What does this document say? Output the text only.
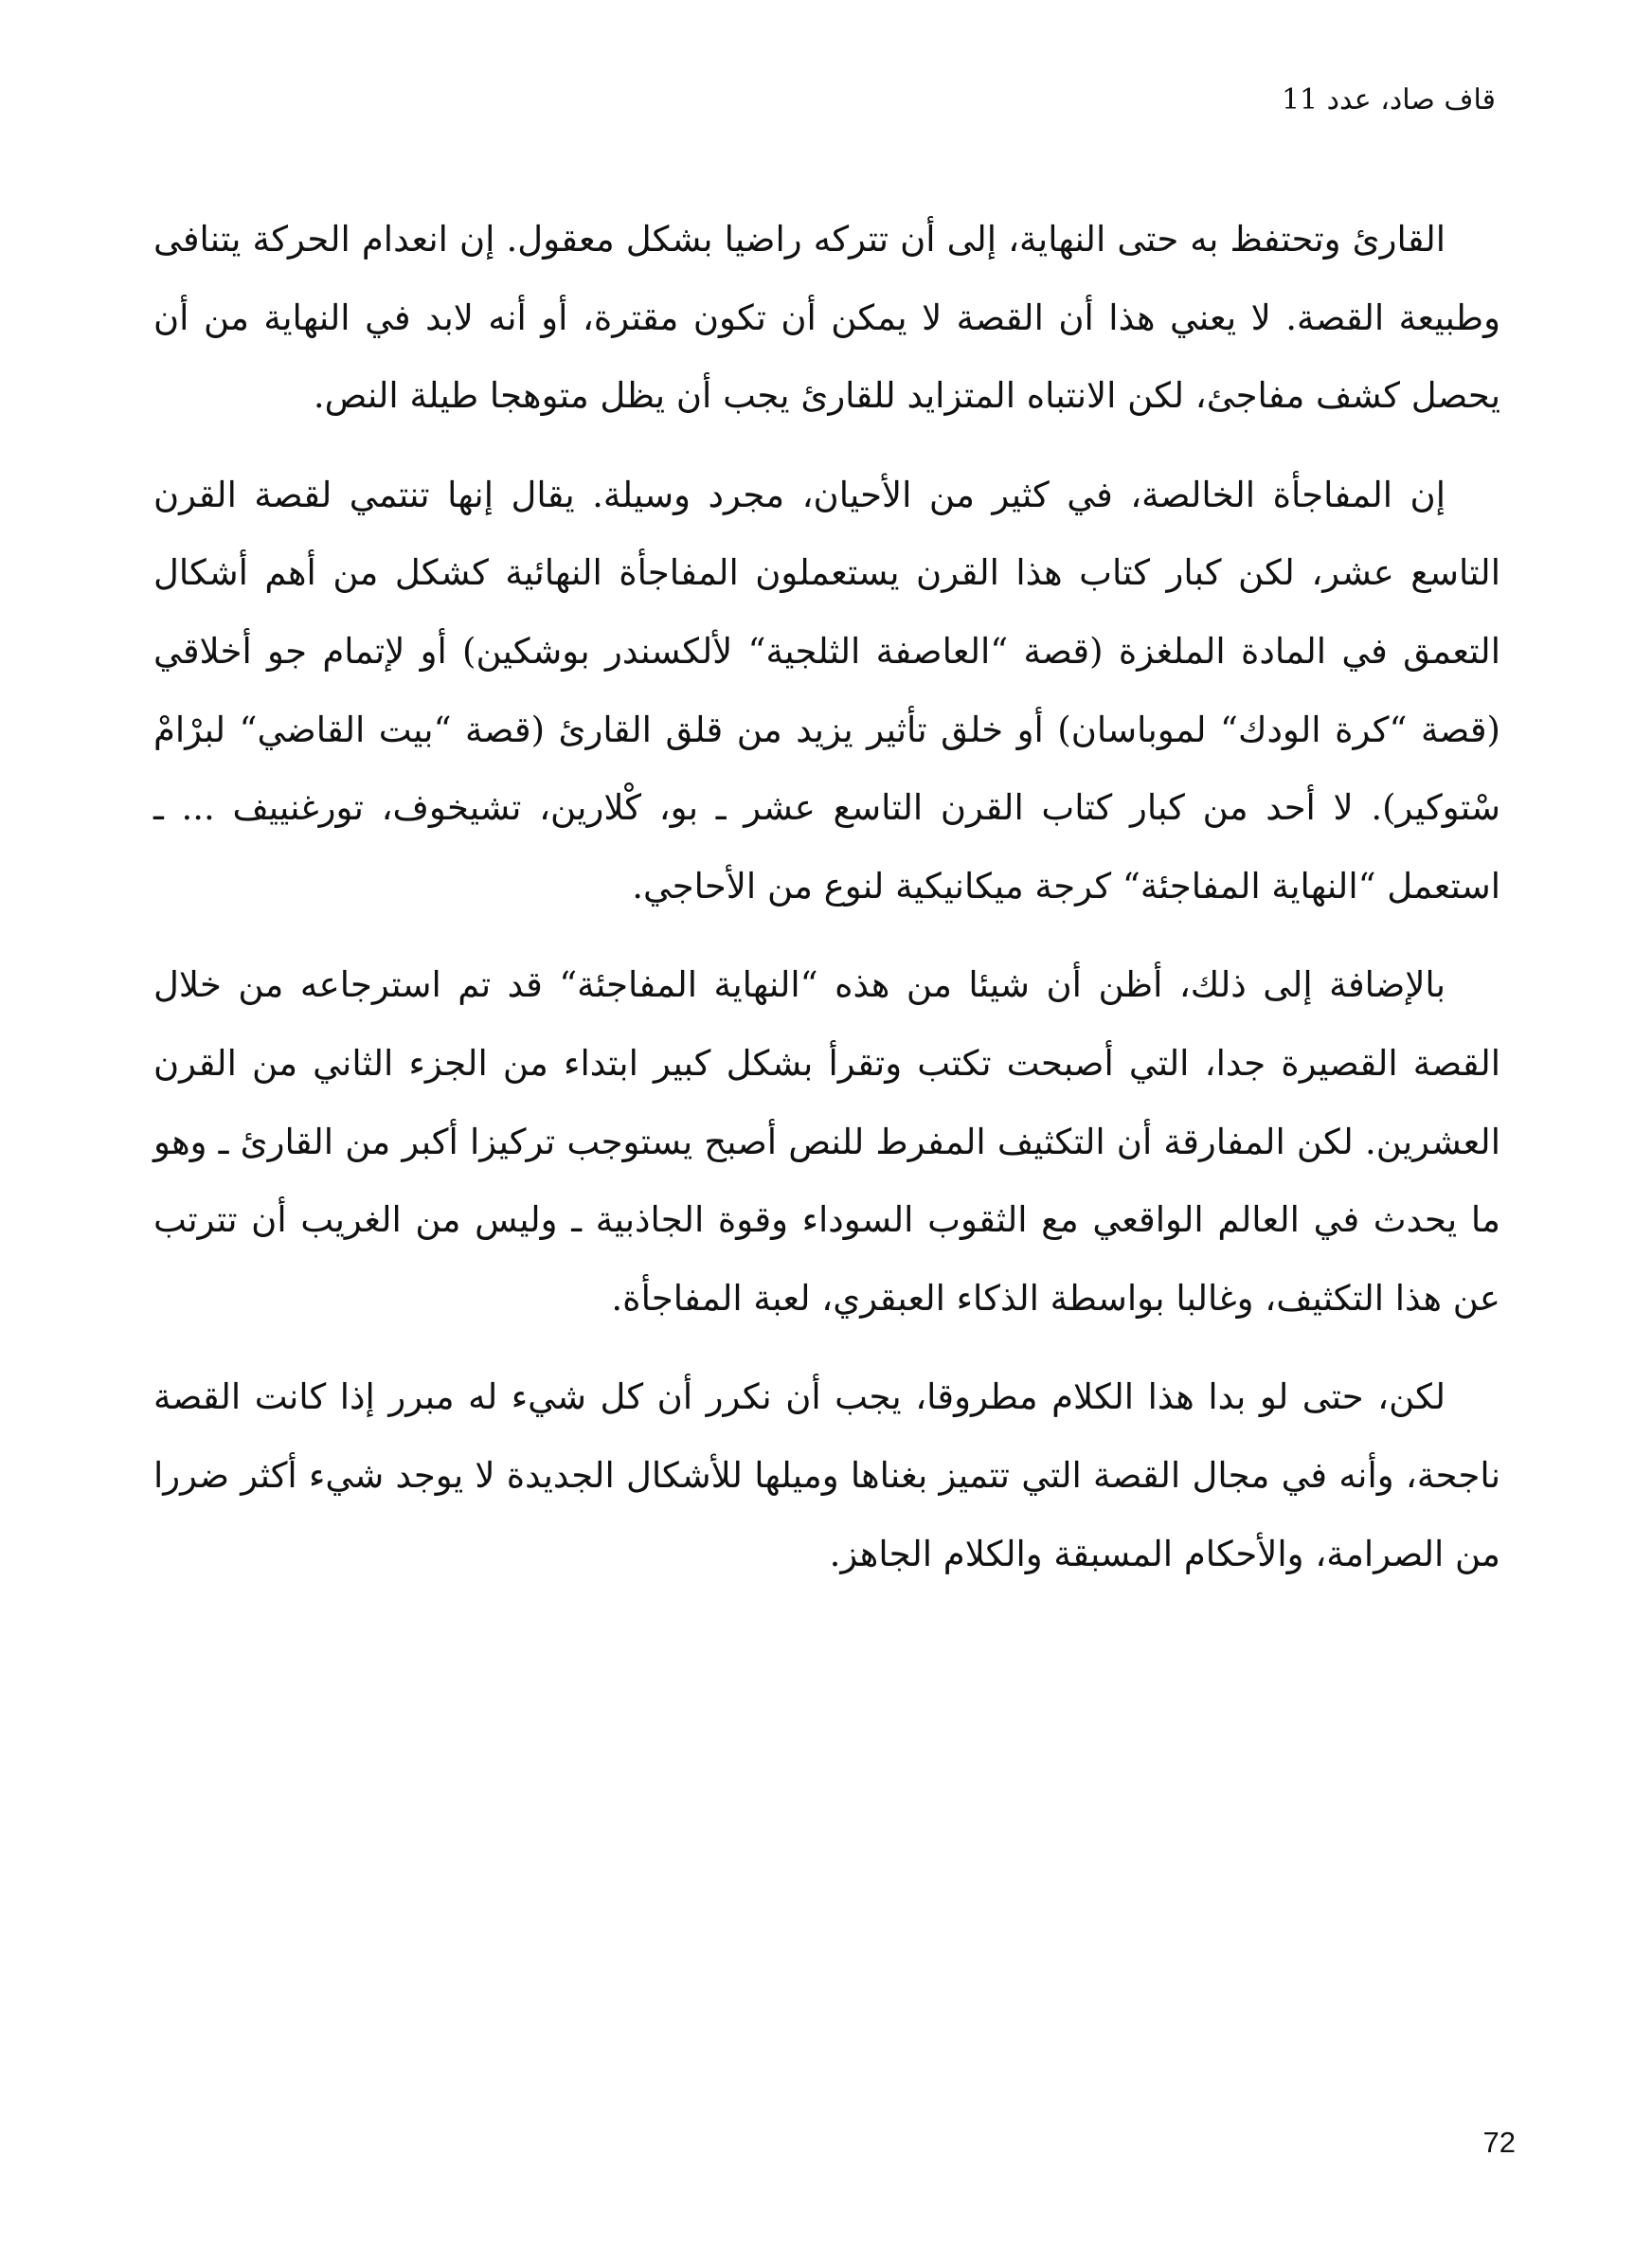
قاف صاد، عدد 11

القارئ وتحتفظ به حتى النهاية، إلى أن تتركه راضيا بشكل معقول. إن انعدام الحركة يتنافى وطبيعة القصة. لا يعني هذا أن القصة لا يمكن أن تكون مقترة، أو أنه لابد في النهاية من أن يحصل كشف مفاجئ، لكن الانتباه المتزايد للقارئ يجب أن يظل متوهجا طيلة النص.

إن المفاجأة الخالصة، في كثير من الأحيان، مجرد وسيلة. يقال إنها تنتمي لقصة القرن التاسع عشر، لكن كبار كتاب هذا القرن يستعملون المفاجأة النهائية كشكل من أهم أشكال التعمق في المادة الملغزة (قصة “العاصفة الثلجية“ لألكسندر بوشكين) أو لإتمام جو أخلاقي (قصة “كرة الودك“ لموباسان) أو خلق تأثير يزيد من قلق القارئ (قصة “بيت القاضي“ لبرْامْ سْتوكير). لا أحد من كبار كتاب القرن التاسع عشر ـ بو، كْلارين، تشيخوف، تورغنييف ... ـ استعمل “النهاية المفاجئة“ كرجة ميكانيكية لنوع من الأحاجي.

بالإضافة إلى ذلك، أظن أن شيئا من هذه “النهاية المفاجئة“ قد تم استرجاعه من خلال القصة القصيرة جدا، التي أصبحت تكتب وتقرأ بشكل كبير ابتداء من الجزء الثاني من القرن العشرين. لكن المفارقة أن التكثيف المفرط للنص أصبح يستوجب تركيزا أكبر من القارئ ـ وهو ما يحدث في العالم الواقعي مع الثقوب السوداء وقوة الجاذبية ـ وليس من الغريب أن تترتب عن هذا التكثيف، وغالبا بواسطة الذكاء العبقري، لعبة المفاجأة.

لكن، حتى لو بدا هذا الكلام مطروقا، يجب أن نكرر أن كل شيء له مبرر إذا كانت القصة ناجحة، وأنه في مجال القصة التي تتميز بغناها وميلها للأشكال الجديدة لا يوجد شيء أكثر ضررا من الصرامة، والأحكام المسبقة والكلام الجاهز.

72
